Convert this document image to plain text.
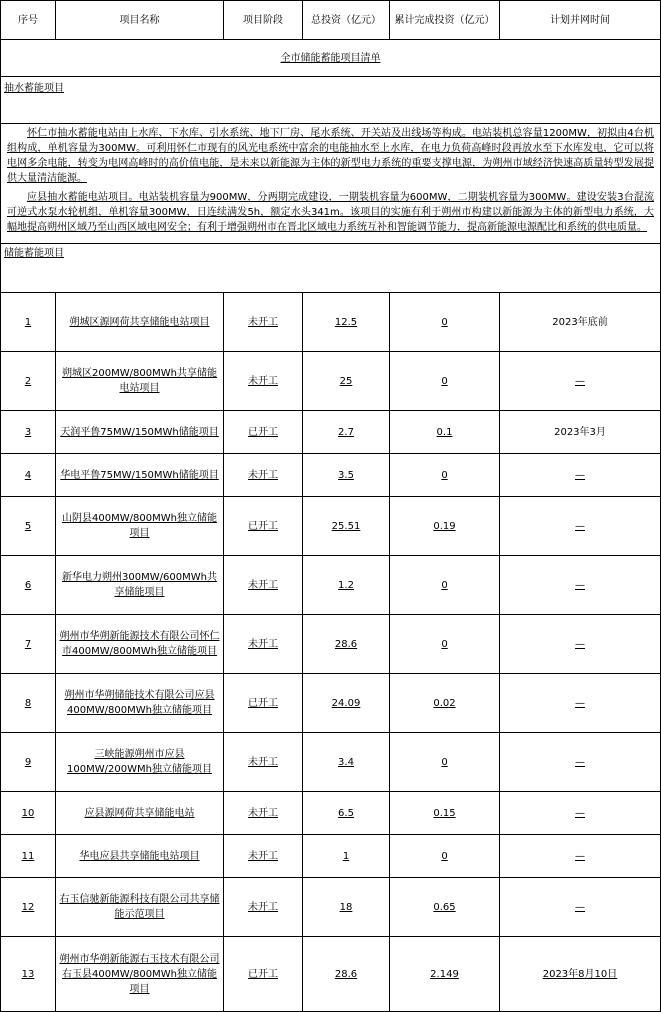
序号	项目名称	项目阶段	总投资（亿元）	累计完成投资（亿元）	计划并网时间
全市储能蓄能项目清单					
抽水蓄能项目					

怀仁市抽水蓄能电站由上水库、下水库、引水系统、地下厂房、尾水系统、开关站及出线场等构成。电站装机总容量1200MW，初拟由4台机组构成，单机容量为300MW。可利用怀仁市现有的风光电系统中富余的电能抽水至上水库，在电力负荷高峰时段再放水至下水库发电，它可以将电网多余电能，转变为电网高峰时的高价值电能，是未来以新能源为主体的新型电力系统的重要支撑电源，为朔州市域经济快速高质量转型发展提供大量清洁能源。

应县抽水蓄能电站项目。电站装机容量为900MW，分两期完成建设，一期装机容量为600MW，二期装机容量为300MW。建设安装3台混流可逆式水泵水轮机组，单机容量300MW，日连续满发5h，额定水头341m。该项目的实施有利于朔州市构建以新能源为主体的新型电力系统，大幅地提高朔州区域乃至山西区域电网安全；有利于增强朔州市在晋北区域电力系统互补和智能调节能力，提高新能源电源配比和系统的供电质量。					

储能蓄能项目					
1	朔城区源网荷共享储能电站项目	未开工	12.5	0	2023年底前
2	朔城区200MW/800MWh共享储能电站项目	未开工	25	0	—
3	天润平鲁75MW/150MWh储能项目	已开工	2.7	0.1	2023年3月
4	华电平鲁75MW/150MWh储能项目	未开工	3.5	0	—
5	山阴县400MW/800MWh独立储能项目	已开工	25.51	0.19	—
6	新华电力朔州300MW/600MWh共享储能项目	未开工	1.2	0	—
7	朔州市华朔新能源技术有限公司怀仁市400MW/800MWh独立储能项目	未开工	28.6	0	—
8	朔州市华朔储能技术有限公司应县400MW/800MWh独立储能项目	已开工	24.09	0.02	—
9	三峡能源朔州市应县100MW/200WMh独立储能项目	未开工	3.4	0	—
10	应县源网荷共享储能电站	未开工	6.5	0.15	—
11	华电应县共享储能电站项目	未开工	1	0	—
12	右玉信驰新能源科技有限公司共享储能示范项目	未开工	18	0.65	—
13	朔州市华朔新能源右玉技术有限公司右玉县400MW/800MWh独立储能项目	已开工	28.6	2.149	2023年8月10日
